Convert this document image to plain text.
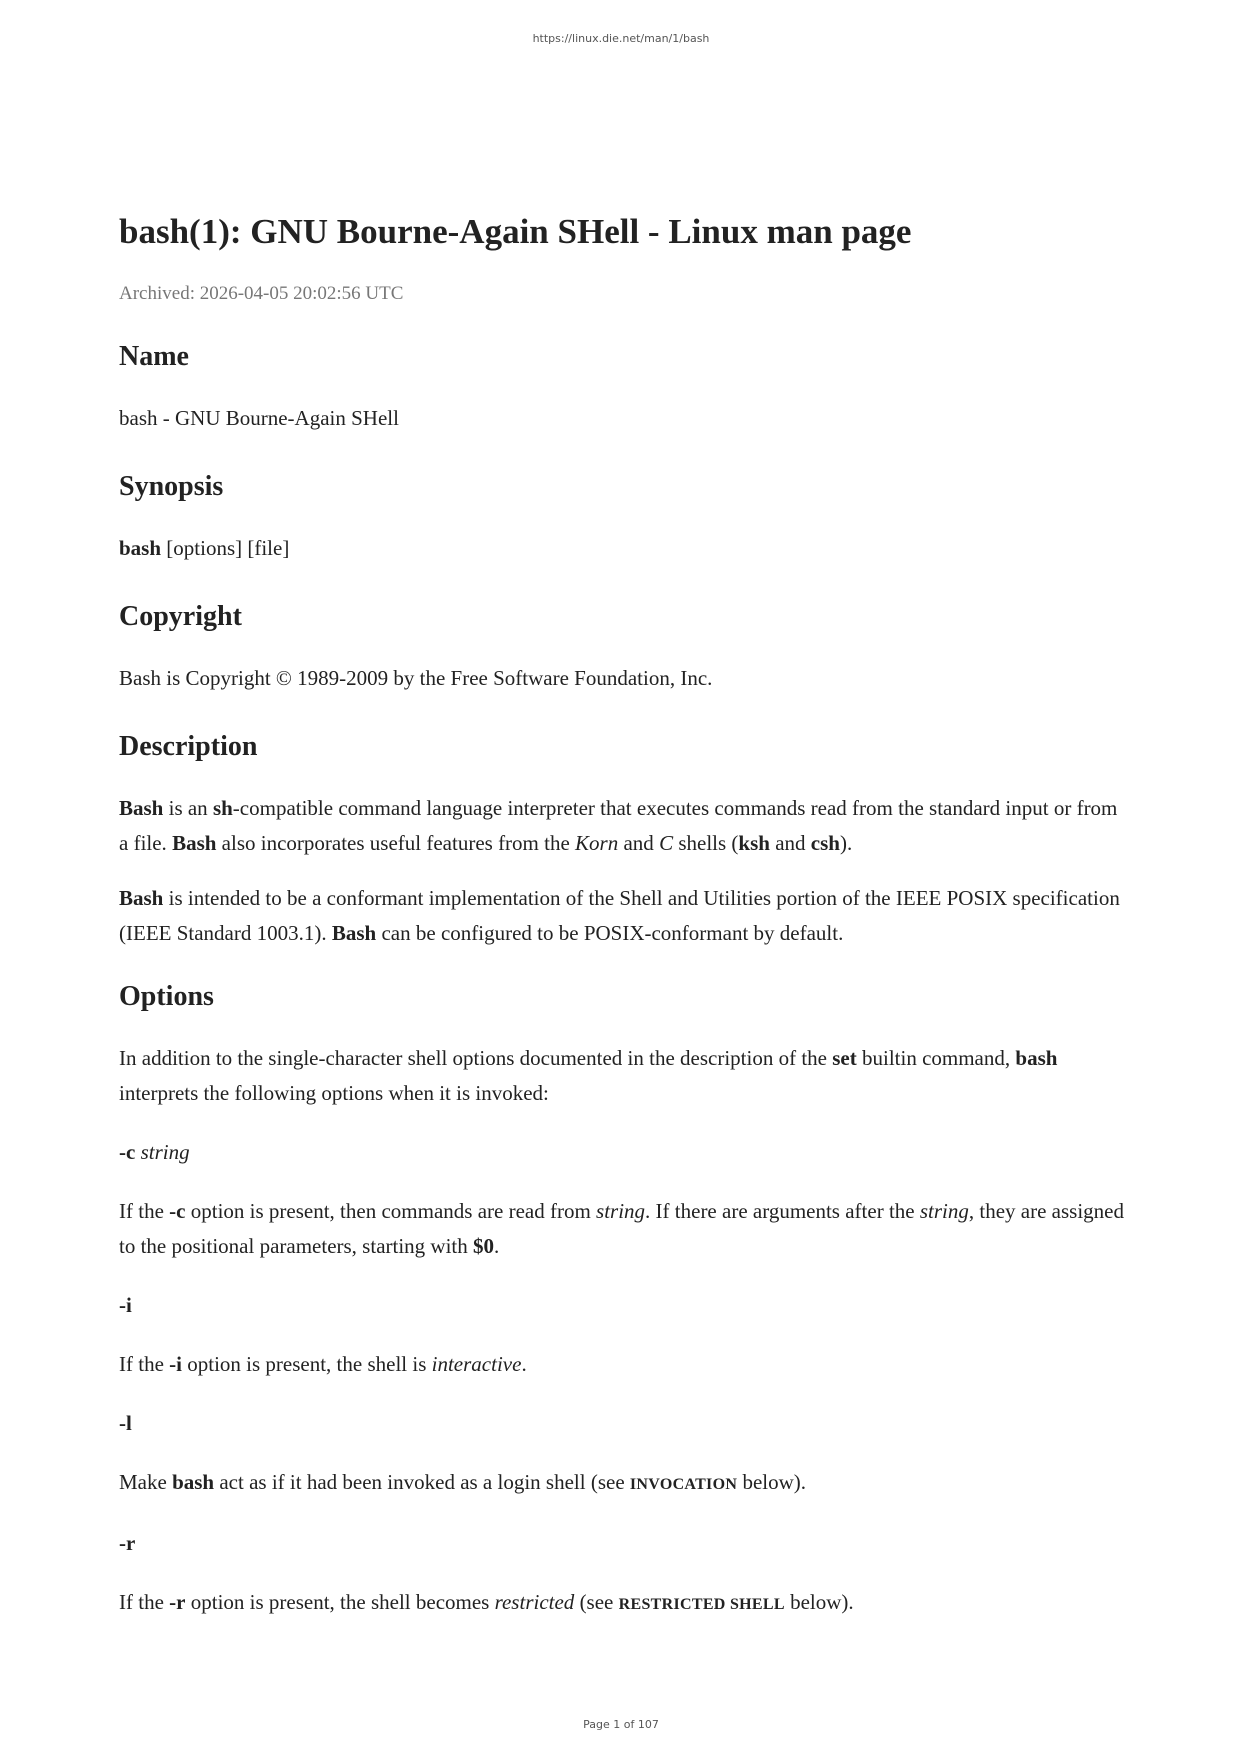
https://linux.die.net/man/1/bash
bash(1): GNU Bourne-Again SHell - Linux man page
Archived: 2026-04-05 20:02:56 UTC
Name

bash - GNU Bourne-Again SHell

Synopsis

bash [options] [file]

Copyright

Bash is Copyright © 1989-2009 by the Free Software Foundation, Inc.

Description

Bash is an sh-compatible command language interpreter that executes commands read from the standard input or from a file. Bash also incorporates useful features from the Korn and C shells (ksh and csh).

Bash is intended to be a conformant implementation of the Shell and Utilities portion of the IEEE POSIX specification (IEEE Standard 1003.1). Bash can be configured to be POSIX-conformant by default.

Options

In addition to the single-character shell options documented in the description of the set builtin command, bash interprets the following options when it is invoked:

-c string

If the -c option is present, then commands are read from string. If there are arguments after the string, they are assigned to the positional parameters, starting with $0.

-i

If the -i option is present, the shell is interactive.

-l

Make bash act as if it had been invoked as a login shell (see INVOCATION below).

-r

If the -r option is present, the shell becomes restricted (see RESTRICTED SHELL below).

Page 1 of 107
